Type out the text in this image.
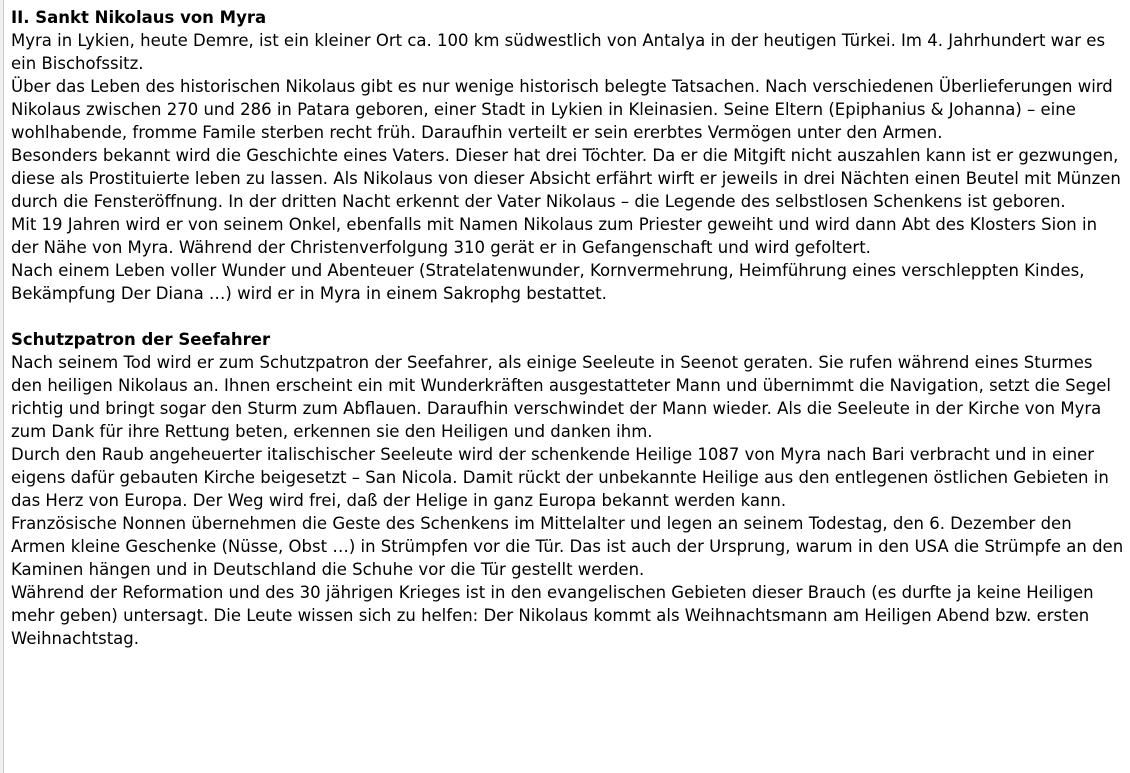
II. Sankt Nikolaus von Myra

Myra in Lykien, heute Demre, ist ein kleiner Ort ca. 100 km südwestlich von Antalya in der heutigen Türkei. Im 4. Jahrhundert war es ein Bischofssitz.

Über das Leben des historischen Nikolaus gibt es nur wenige historisch belegte Tatsachen. Nach verschiedenen Überlieferungen wird Nikolaus zwischen 270 und 286 in Patara geboren, einer Stadt in Lykien in Kleinasien. Seine Eltern (Epiphanius & Johanna) – eine wohlhabende, fromme Famile sterben recht früh. Daraufhin verteilt er sein ererbtes Vermögen unter den Armen.

Besonders bekannt wird die Geschichte eines Vaters. Dieser hat drei Töchter. Da er die Mitgift nicht auszahlen kann ist er gezwungen, diese als Prostituierte leben zu lassen. Als Nikolaus von dieser Absicht erfährt wirft er jeweils in drei Nächten einen Beutel mit Münzen durch die Fensteröffnung. In der dritten Nacht erkennt der Vater Nikolaus – die Legende des selbstlosen Schenkens ist geboren.

Mit 19 Jahren wird er von seinem Onkel, ebenfalls mit Namen Nikolaus zum Priester geweiht und wird dann Abt des Klosters Sion in der Nähe von Myra. Während der Christenverfolgung 310 gerät er in Gefangenschaft und wird gefoltert.

Nach einem Leben voller Wunder und Abenteuer (Stratelatenwunder, Kornvermehrung, Heimführung eines verschleppten Kindes, Bekämpfung Der Diana …) wird er in Myra in einem Sakrophg bestattet.

Schutzpatron der Seefahrer

Nach seinem Tod wird er zum Schutzpatron der Seefahrer, als einige Seeleute in Seenot geraten. Sie rufen während eines Sturmes den heiligen Nikolaus an. Ihnen erscheint ein mit Wunderkräften ausgestatteter Mann und übernimmt die Navigation, setzt die Segel richtig und bringt sogar den Sturm zum Abflauen. Daraufhin verschwindet der Mann wieder. Als die Seeleute in der Kirche von Myra zum Dank für ihre Rettung beten, erkennen sie den Heiligen und danken ihm.

Durch den Raub angeheuerter italischischer Seeleute wird der schenkende Heilige 1087 von Myra nach Bari verbracht und in einer eigens dafür gebauten Kirche beigesetzt – San Nicola. Damit rückt der unbekannte Heilige aus den entlegenen östlichen Gebieten in das Herz von Europa. Der Weg wird frei, daß der Helige in ganz Europa bekannt werden kann.

Französische Nonnen übernehmen die Geste des Schenkens im Mittelalter und legen an seinem Todestag, den 6. Dezember den Armen kleine Geschenke (Nüsse, Obst …) in Strümpfen vor die Tür. Das ist auch der Ursprung, warum in den USA die Strümpfe an den Kaminen hängen und in Deutschland die Schuhe vor die Tür gestellt werden.

Während der Reformation und des 30 jährigen Krieges ist in den evangelischen Gebieten dieser Brauch (es durfte ja keine Heiligen mehr geben) untersagt. Die Leute wissen sich zu helfen: Der Nikolaus kommt als Weihnachtsmann am Heiligen Abend bzw. ersten Weihnachtstag.
